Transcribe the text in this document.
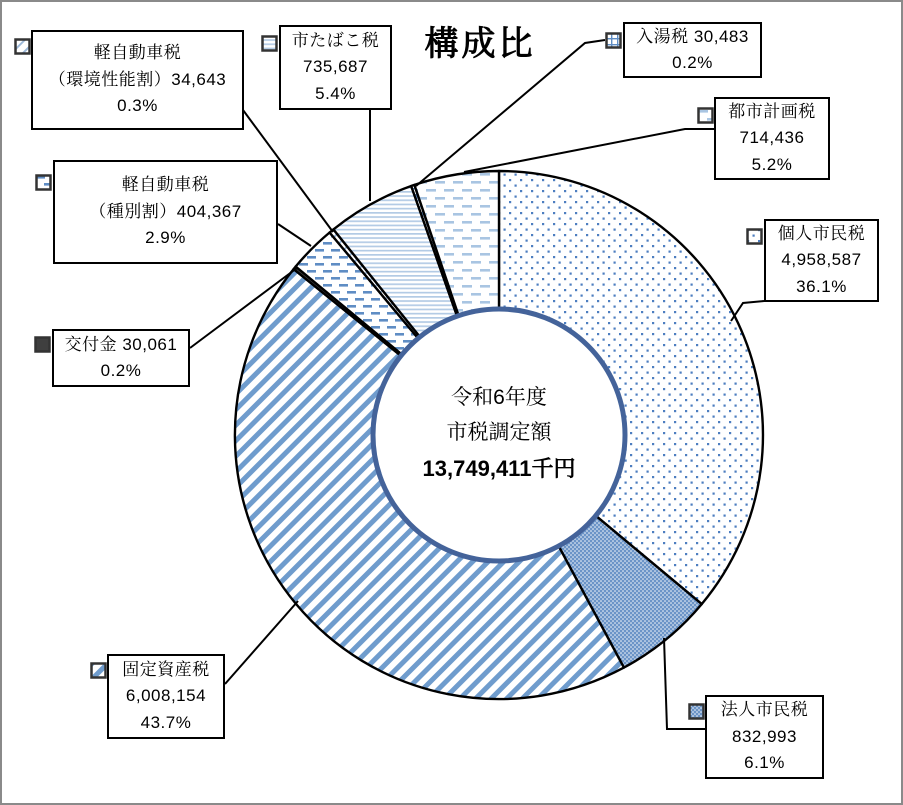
構成比
令和6年度
市税調定額
13,749,411千円
軽自動車税
（環境性能割）34,643
0.3%
市たばこ税
735,687
5.4%
入湯税 30,483
0.2%
都市計画税
714,436
5.2%
個人市民税
4,958,587
36.1%
法人市民税
832,993
6.1%
固定資産税
6,008,154
43.7%
交付金 30,061
0.2%
軽自動車税
（種別割）404,367
2.9%
